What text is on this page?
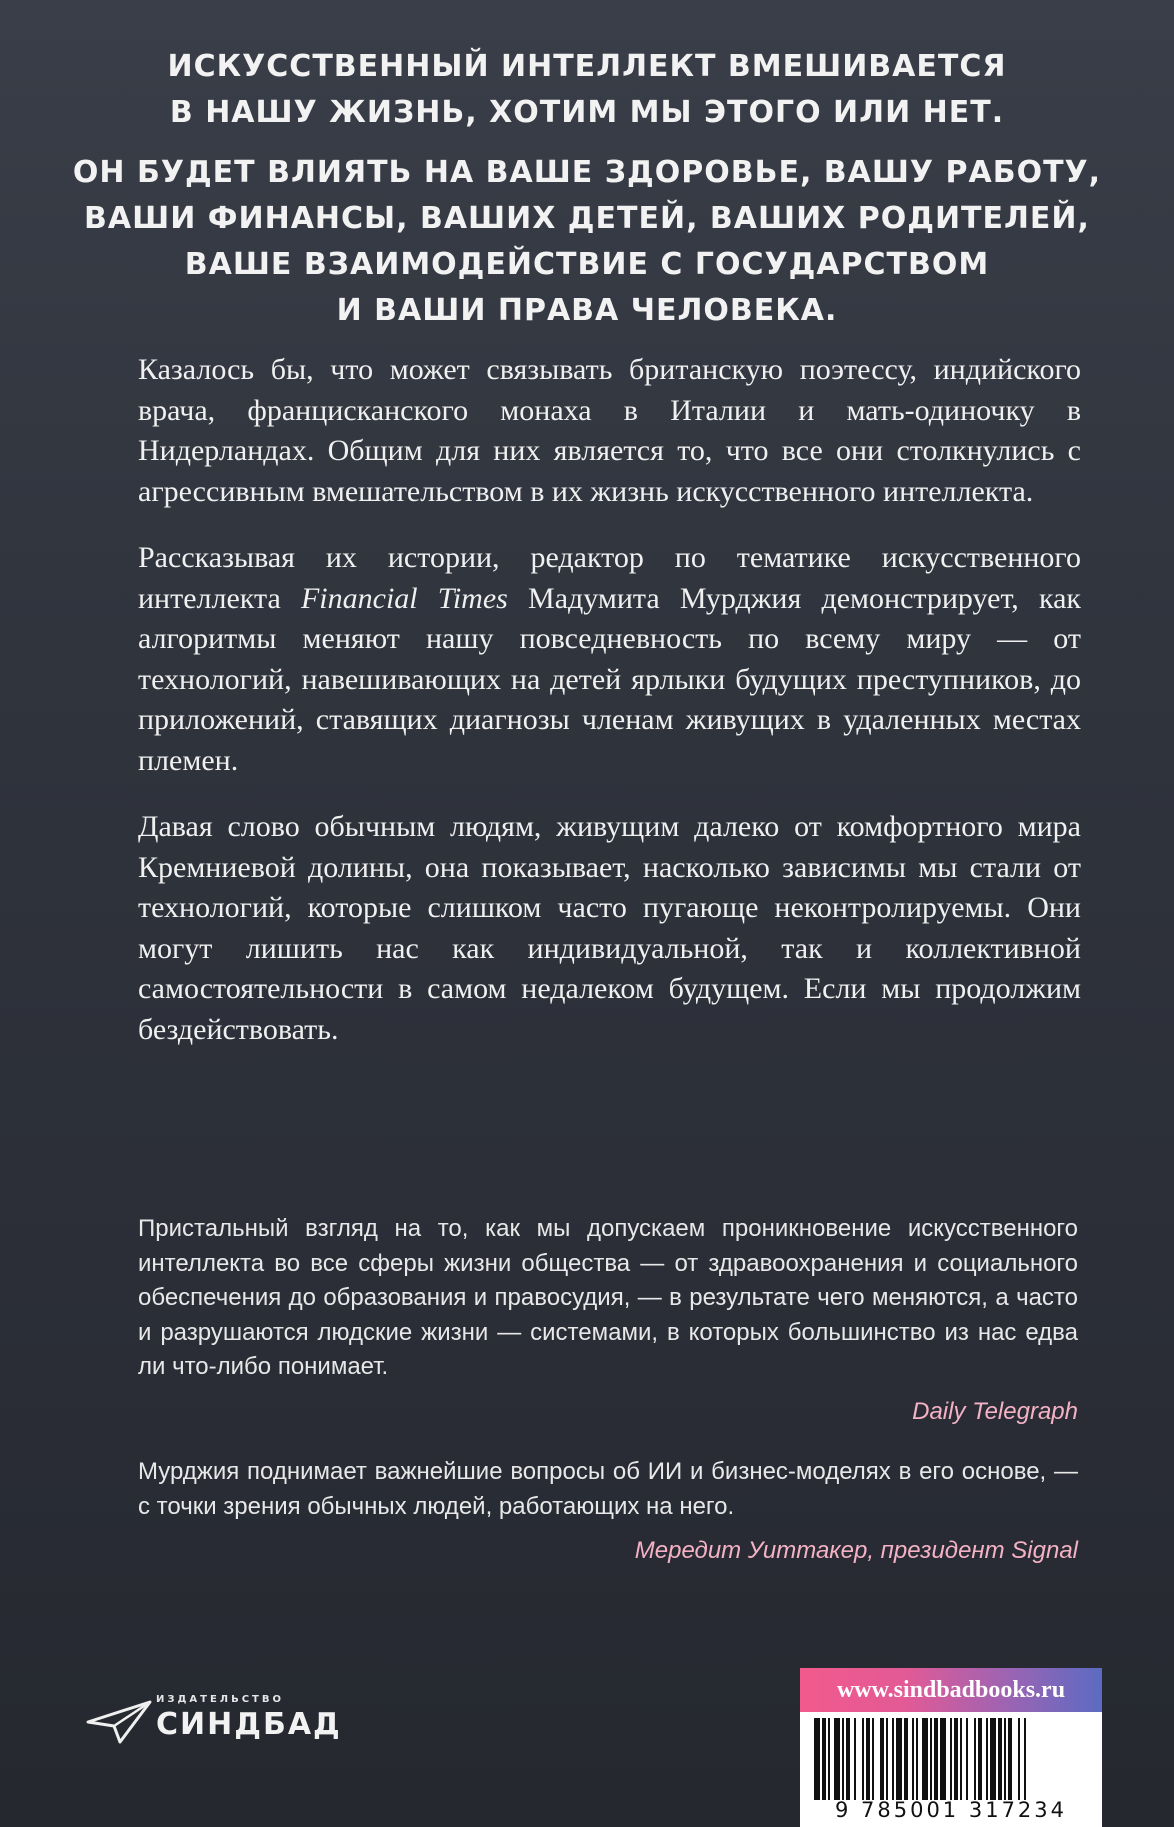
ИСКУССТВЕННЫЙ ИНТЕЛЛЕКТ ВМЕШИВАЕТСЯ
В НАШУ ЖИЗНЬ, ХОТИМ МЫ ЭТОГО ИЛИ НЕТ.

ОН БУДЕТ ВЛИЯТЬ НА ВАШЕ ЗДОРОВЬЕ, ВАШУ РАБОТУ,
ВАШИ ФИНАНСЫ, ВАШИХ ДЕТЕЙ, ВАШИХ РОДИТЕЛЕЙ,
ВАШЕ ВЗАИМОДЕЙСТВИЕ С ГОСУДАРСТВОМ
И ВАШИ ПРАВА ЧЕЛОВЕКА.

Казалось бы, что может связывать британскую поэтессу, индийского врача, францисканского монаха в Италии и мать-одиночку в Нидерландах. Общим для них является то, что все они столкнулись с агрессивным вмешательством в их жизнь искусственного интеллекта.

Рассказывая их истории, редактор по тематике искусственного интеллекта Financial Times Мадумита Мурджия демонстрирует, как алгоритмы меняют нашу повседневность по всему миру — от технологий, навешивающих на детей ярлыки будущих преступников, до приложений, ставящих диагнозы членам живущих в удаленных местах племен.

Давая слово обычным людям, живущим далеко от комфортного мира Кремниевой долины, она показывает, насколько зависимы мы стали от технологий, которые слишком часто пугающе неконтролируемы. Они могут лишить нас как индивидуальной, так и коллективной самостоятельности в самом недалеком будущем. Если мы продолжим бездействовать.

Пристальный взгляд на то, как мы допускаем проникновение искусственного интеллекта во все сферы жизни общества — от здравоохранения и социального обеспечения до образования и правосудия, — в результате чего меняются, а часто и разрушаются людские жизни — системами, в которых большинство из нас едва ли что-либо понимает.

Daily Telegraph

Мурджия поднимает важнейшие вопросы об ИИ и бизнес-моделях в его основе, — с точки зрения обычных людей, работающих на него.

Мередит Уиттакер, президент Signal

ИЗДАТЕЛЬСТВО
СИНДБАД
www.sindbadbooks.ru
9 785001 317234
